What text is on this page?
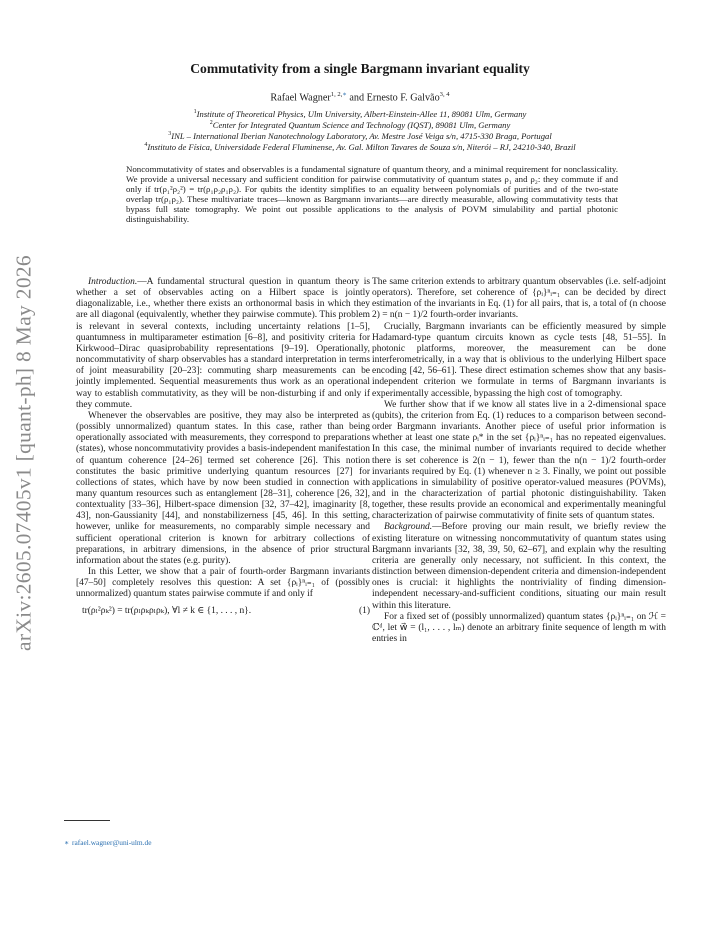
arXiv:2605.07405v1 [quant-ph] 8 May 2026
Commutativity from a single Bargmann invariant equality
Rafael Wagner$^{1, 2,∗}$ and Ernesto F. Galvão$^{3, 4}$
$^1$Institute of Theoretical Physics, Ulm University, Albert-Einstein-Allee 11, 89081 Ulm, Germany
$^2$Center for Integrated Quantum Science and Technology (IQST), 89081 Ulm, Germany
$^3$INL – International Iberian Nanotechnology Laboratory, Av. Mestre José Veiga s/n, 4715-330 Braga, Portugal
$^4$Instituto de Física, Universidade Federal Fluminense, Av. Gal. Milton Tavares de Souza s/n, Niterói – RJ, 24210-340, Brazil
Noncommutativity of states and observables is a fundamental signature of quantum theory, and a minimal requirement for nonclassicality. We provide a universal necessary and sufficient condition for pairwise commutativity of quantum states ρ₁ and ρ₂: they commute if and only if tr(ρ₁²ρ₂²) = tr(ρ₁ρ₂ρ₁ρ₂). For qubits the identity simplifies to an equality between polynomials of purities and of the two-state overlap tr(ρ₁ρ₂). These multivariate traces—known as Bargmann invariants—are directly measurable, allowing commutativity tests that bypass full state tomography. We point out possible applications to the analysis of POVM simulability and partial photonic distinguishability.

Introduction.—A fundamental structural question in quantum theory is whether a set of observables acting on a Hilbert space is jointly diagonalizable, i.e., whether there exists an orthonormal basis in which they are all diagonal (equivalently, whether they pairwise commute). This problem is relevant in several contexts, including uncertainty relations [1–5], quantumness in multiparameter estimation [6–8], and positivity criteria for Kirkwood–Dirac quasiprobability representations [9–19]. Operationally, noncommutativity of sharp observables has a standard interpretation in terms of joint measurability [20–23]: commuting sharp measurements can be jointly implemented. Sequential measurements thus work as an operational way to establish commutativity, as they will be non-disturbing if and only if they commute.

Whenever the observables are positive, they may also be interpreted as (possibly unnormalized) quantum states. In this case, rather than being operationally associated with measurements, they correspond to preparations (states), whose noncommutativity provides a basis-independent manifestation of quantum coherence [24–26] termed set coherence [26]. This notion constitutes the basic primitive underlying quantum resources [27] for collections of states, which have by now been studied in connection with many quantum resources such as entanglement [28–31], coherence [26, 32], contextuality [33–36], Hilbert-space dimension [32, 37–42], imaginarity [8, 43], non-Gaussianity [44], and nonstabilizerness [45, 46]. In this setting, however, unlike for measurements, no comparably simple necessary and sufficient operational criterion is known for arbitrary collections of preparations, in arbitrary dimensions, in the absence of prior structural information about the states (e.g. purity).

In this Letter, we show that a pair of fourth-order Bargmann invariants [47–50] completely resolves this question: A set {ρᵢ}ⁿᵢ₌₁ of (possibly unnormalized) quantum states pairwise commute if and only if

tr(ρₗ²ρₖ²) = tr(ρₗρₖρₗρₖ), ∀l ≠ k ∈ {1, . . . , n}.	(1)

The same criterion extends to arbitrary quantum observables (i.e. self-adjoint operators). Therefore, set coherence of {ρᵢ}ⁿᵢ₌₁ can be decided by direct estimation of the invariants in Eq. (1) for all pairs, that is, a total of (n choose 2) = n(n − 1)/2 fourth-order invariants.

Crucially, Bargmann invariants can be efficiently measured by simple Hadamard-type quantum circuits known as cycle tests [48, 51–55]. In photonic platforms, moreover, the measurement can be done interferometrically, in a way that is oblivious to the underlying Hilbert space encoding [42, 56–61]. These direct estimation schemes show that any basis-independent criterion we formulate in terms of Bargmann invariants is experimentally accessible, bypassing the high cost of tomography.

We further show that if we know all states live in a 2-dimensional space (qubits), the criterion from Eq. (1) reduces to a comparison between second-order Bargmann invariants. Another piece of useful prior information is whether at least one state ρᵢ* in the set {ρᵢ}ⁿᵢ₌₁ has no repeated eigenvalues. In this case, the minimal number of invariants required to decide whether there is set coherence is 2(n − 1), fewer than the n(n − 1)/2 fourth-order invariants required by Eq. (1) whenever n ≥ 3. Finally, we point out possible applications in simulability of positive operator-valued measures (POVMs), and in the characterization of partial photonic distinguishability. Taken together, these results provide an economical and experimentally meaningful characterization of pairwise commutativity of finite sets of quantum states.

Background.—Before proving our main result, we briefly review the existing literature on witnessing noncommutativity of quantum states using Bargmann invariants [32, 38, 39, 50, 62–67], and explain why the resulting criteria are generally only necessary, not sufficient. In this context, the distinction between dimension-dependent criteria and dimension-independent ones is crucial: it highlights the nontriviality of finding dimension-independent necessary-and-sufficient conditions, situating our main result within this literature.

For a fixed set of (possibly unnormalized) quantum states {ρᵢ}ⁿᵢ₌₁ on ℋ = ℂᵈ, let w⃗ = (l₁, . . . , lₘ) denote an arbitrary finite sequence of length m with entries in

∗ rafael.wagner@uni-ulm.de
